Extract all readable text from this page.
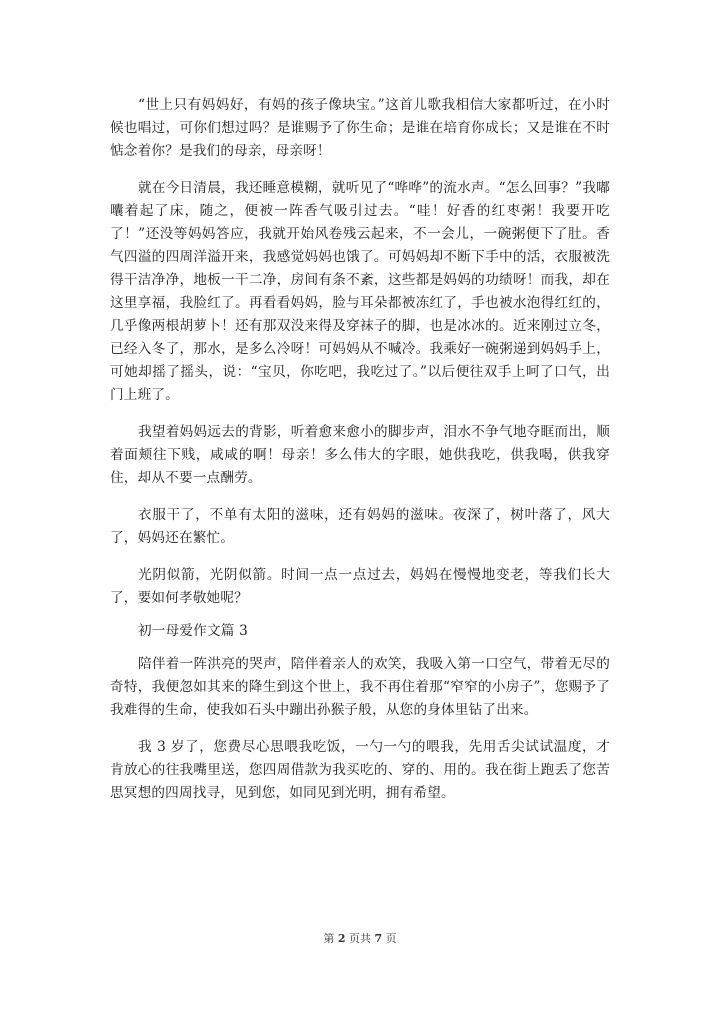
“世上只有妈妈好，有妈的孩子像块宝。”这首儿歌我相信大家都听过，在小时候也唱过，可你们想过吗？是谁赐予了你生命；是谁在培育你成长；又是谁在不时惦念着你？是我们的母亲，母亲呀！

就在今日清晨，我还睡意模糊，就听见了“哗哗”的流水声。“怎么回事？”我嘟囔着起了床，随之，便被一阵香气吸引过去。“哇！好香的红枣粥！我要开吃了！”还没等妈妈答应，我就开始风卷残云起来，不一会儿，一碗粥便下了肚。香气四溢的四周洋溢开来，我感觉妈妈也饿了。可妈妈却不断下手中的活，衣服被洗得干洁净净，地板一干二净，房间有条不紊，这些都是妈妈的功绩呀！而我，却在这里享福，我脸红了。再看看妈妈，脸与耳朵都被冻红了，手也被水泡得红红的，几乎像两根胡萝卜！还有那双没来得及穿袜子的脚，也是冰冰的。近来刚过立冬，已经入冬了，那水，是多么冷呀！可妈妈从不喊冷。我乘好一碗粥递到妈妈手上，可她却摇了摇头，说：“宝贝，你吃吧，我吃过了。”以后便往双手上呵了口气，出门上班了。

我望着妈妈远去的背影，听着愈来愈小的脚步声，泪水不争气地夺眶而出，顺着面颊往下贱，咸咸的啊！母亲！多么伟大的字眼，她供我吃，供我喝，供我穿住，却从不要一点酬劳。

衣服干了，不单有太阳的滋味，还有妈妈的滋味。夜深了，树叶落了，风大了，妈妈还在繁忙。

光阴似箭，光阴似箭。时间一点一点过去，妈妈在慢慢地变老，等我们长大了，要如何孝敬她呢？

初一母爱作文篇 3

陪伴着一阵洪亮的哭声，陪伴着亲人的欢笑，我吸入第一口空气，带着无尽的奇特，我便忽如其来的降生到这个世上，我不再住着那“窄窄的小房子”，您赐予了我难得的生命，使我如石头中蹦出孙猴子般，从您的身体里钻了出来。

我 3 岁了，您费尽心思喂我吃饭，一勺一勺的喂我，先用舌尖试试温度，才肯放心的往我嘴里送，您四周借款为我买吃的、穿的、用的。我在街上跑丢了您苦思冥想的四周找寻，见到您，如同见到光明，拥有希望。

第 2 页共 7 页
